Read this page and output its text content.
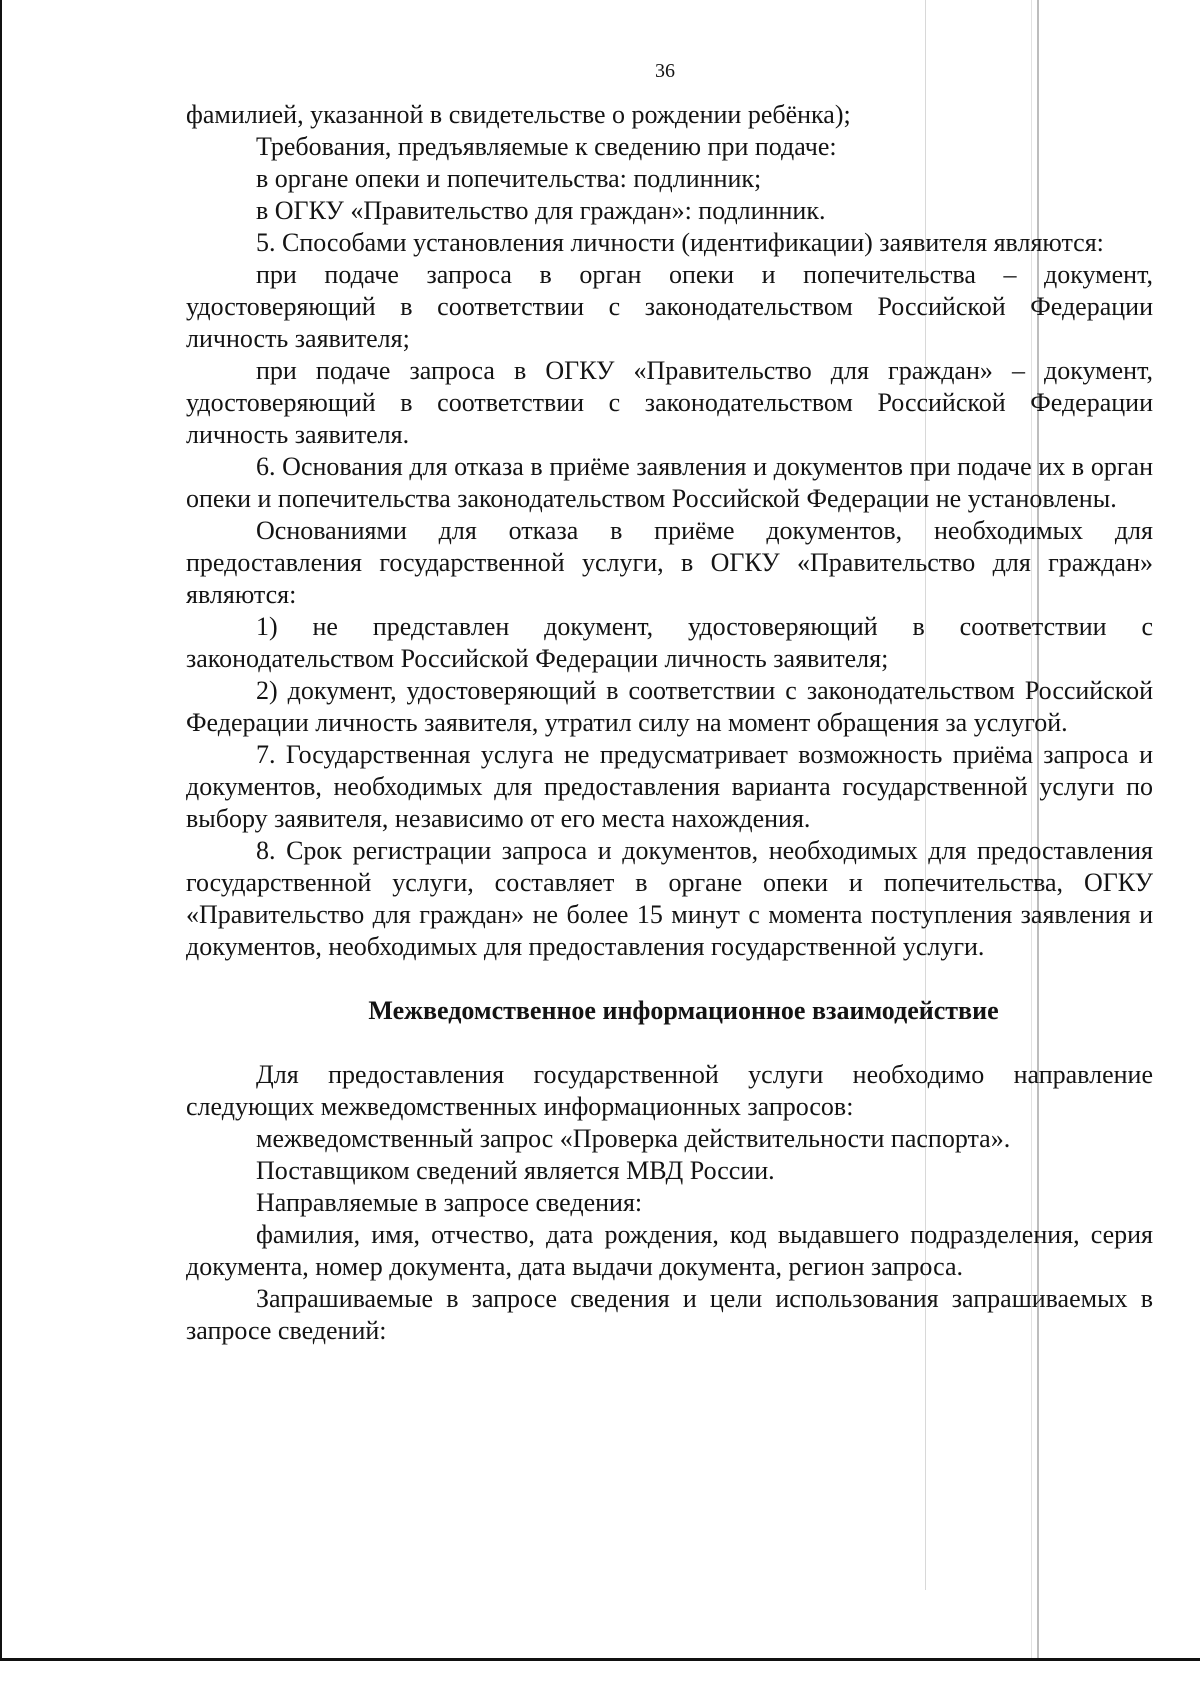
36

фамилией, указанной в свидетельстве о рождении ребёнка);

Требования, предъявляемые к сведению при подаче:

в органе опеки и попечительства: подлинник;

в ОГКУ «Правительство для граждан»: подлинник.

5. Способами установления личности (идентификации) заявителя являются:

при подаче запроса в орган опеки и попечительства – документ, удостоверяющий в соответствии с законодательством Российской Федерации личность заявителя;

при подаче запроса в ОГКУ «Правительство для граждан» – документ, удостоверяющий в соответствии с законодательством Российской Федерации личность заявителя.

6. Основания для отказа в приёме заявления и документов при подаче их в орган опеки и попечительства законодательством Российской Федерации не установлены.

Основаниями для отказа в приёме документов, необходимых для предоставления государственной услуги, в ОГКУ «Правительство для граждан» являются:

1) не представлен документ, удостоверяющий в соответствии с законодательством Российской Федерации личность заявителя;

2) документ, удостоверяющий в соответствии с законодательством Российской Федерации личность заявителя, утратил силу на момент обращения за услугой.

7. Государственная услуга не предусматривает возможность приёма запроса и документов, необходимых для предоставления варианта государственной услуги по выбору заявителя, независимо от его места нахождения.

8. Срок регистрации запроса и документов, необходимых для предоставления государственной услуги, составляет в органе опеки и попечительства, ОГКУ «Правительство для граждан» не более 15 минут с момента поступления заявления и документов, необходимых для предоставления государственной услуги.

Межведомственное информационное взаимодействие

Для предоставления государственной услуги необходимо направление следующих межведомственных информационных запросов:

межведомственный запрос «Проверка действительности паспорта».

Поставщиком сведений является МВД России.

Направляемые в запросе сведения:

фамилия, имя, отчество, дата рождения, код выдавшего подразделения, серия документа, номер документа, дата выдачи документа, регион запроса.

Запрашиваемые в запросе сведения и цели использования запрашиваемых в запросе сведений:
